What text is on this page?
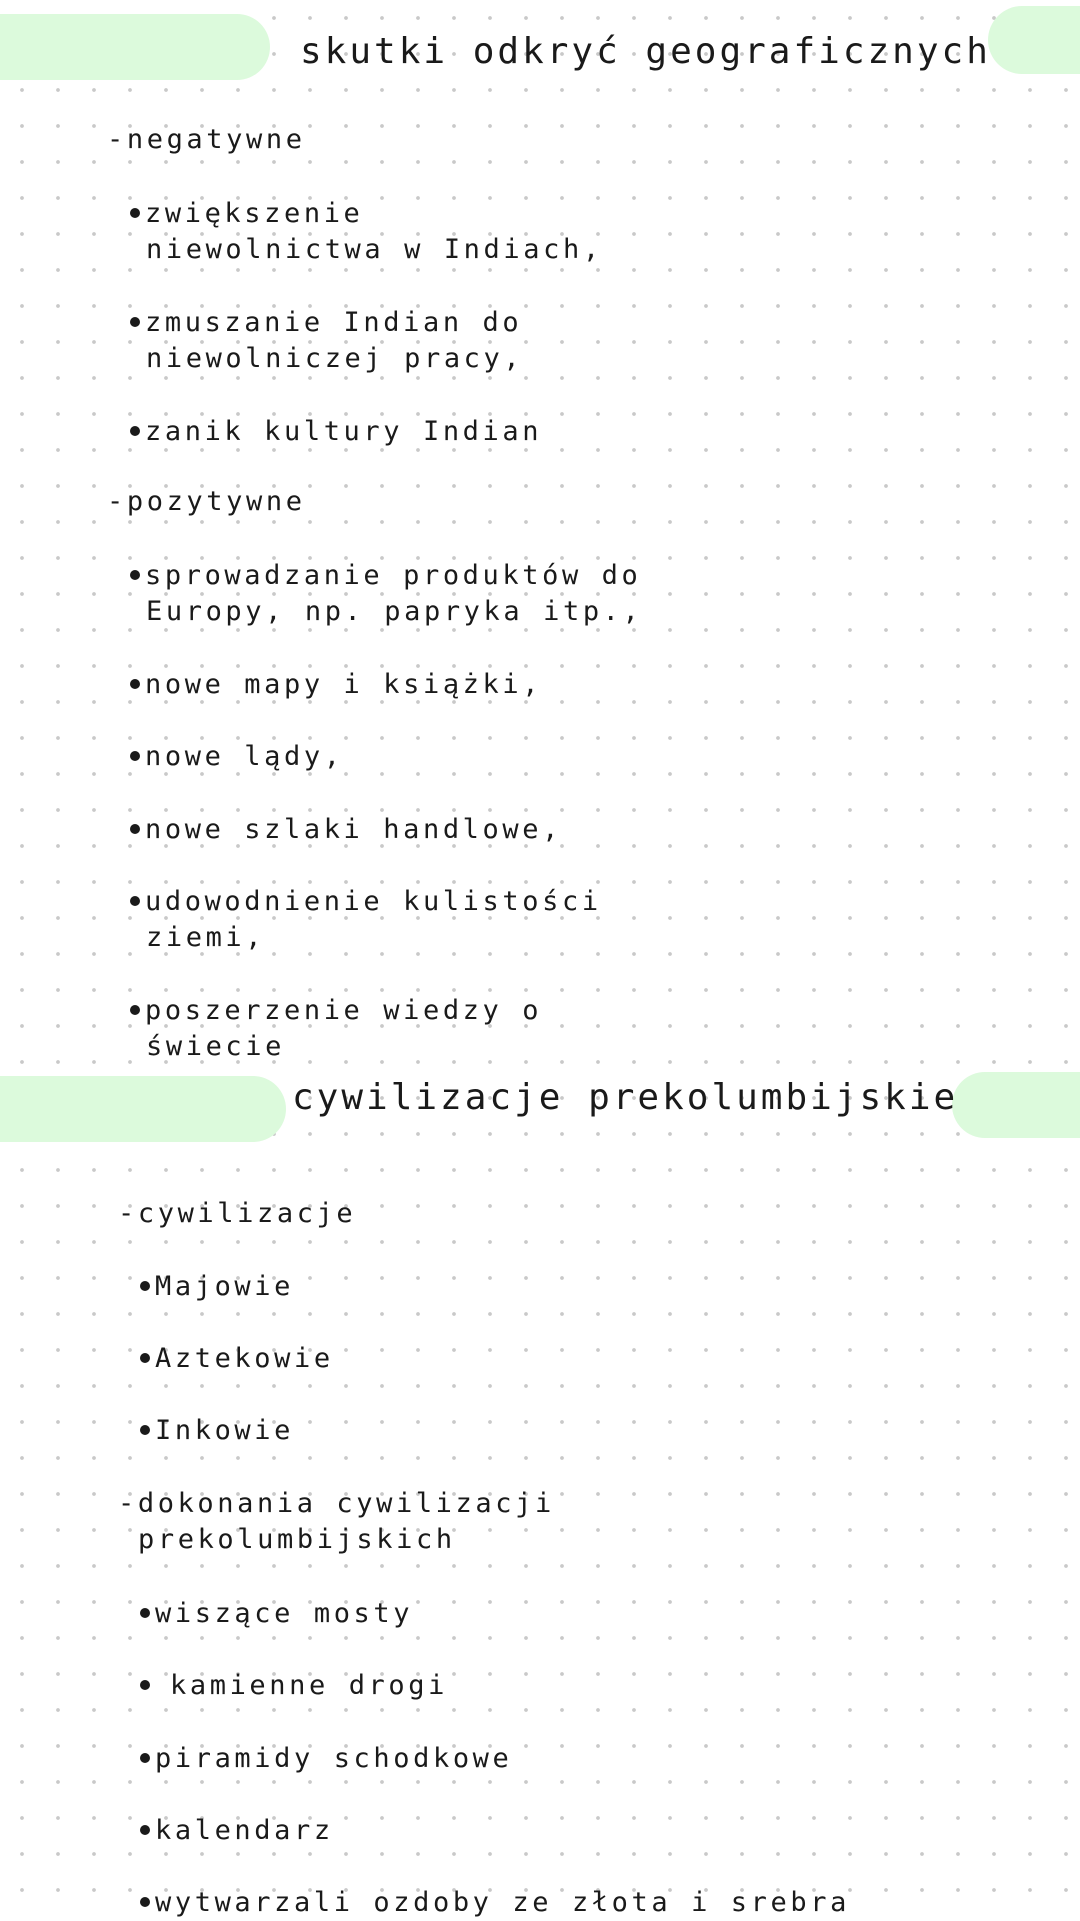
skutki odkryć geograficznych

-negatywne

zwiększenie

niewolnictwa w Indiach,

zmuszanie Indian do

niewolniczej pracy,

zanik kultury Indian

-pozytywne

sprowadzanie produktów do

Europy, np. papryka itp.,

nowe mapy i książki,

nowe lądy,

nowe szlaki handlowe,

udowodnienie kulistości

ziemi,

poszerzenie wiedzy o

świecie

cywilizacje prekolumbijskie

-cywilizacje

Majowie

Aztekowie

Inkowie

-dokonania cywilizacji

prekolumbijskich

wiszące mosty

kamienne drogi

piramidy schodkowe

kalendarz

wytwarzali ozdoby ze złota i srebra
